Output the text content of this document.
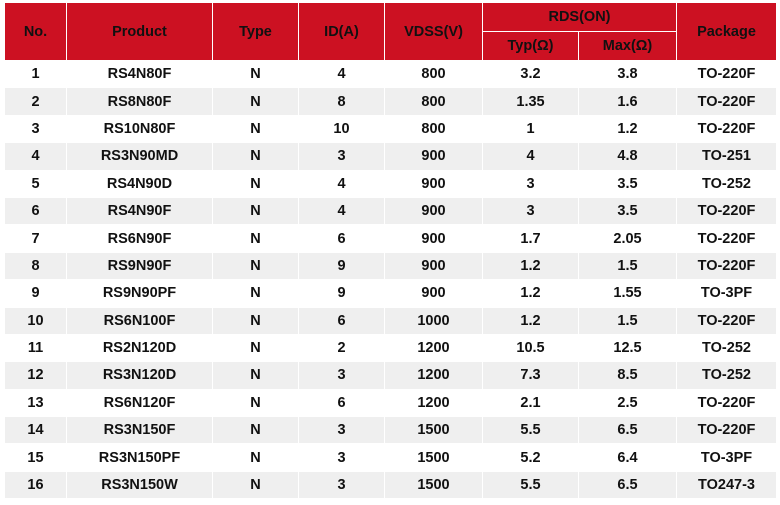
No.	Product	Type	ID(A)	VDSS(V)	RDS(ON)		Package
					Typ(Ω)	Max(Ω)	
1	RS4N80F	N	4	800	3.2	3.8	TO-220F
2	RS8N80F	N	8	800	1.35	1.6	TO-220F
3	RS10N80F	N	10	800	1	1.2	TO-220F
4	RS3N90MD	N	3	900	4	4.8	TO-251
5	RS4N90D	N	4	900	3	3.5	TO-252
6	RS4N90F	N	4	900	3	3.5	TO-220F
7	RS6N90F	N	6	900	1.7	2.05	TO-220F
8	RS9N90F	N	9	900	1.2	1.5	TO-220F
9	RS9N90PF	N	9	900	1.2	1.55	TO-3PF
10	RS6N100F	N	6	1000	1.2	1.5	TO-220F
11	RS2N120D	N	2	1200	10.5	12.5	TO-252
12	RS3N120D	N	3	1200	7.3	8.5	TO-252
13	RS6N120F	N	6	1200	2.1	2.5	TO-220F
14	RS3N150F	N	3	1500	5.5	6.5	TO-220F
15	RS3N150PF	N	3	1500	5.2	6.4	TO-3PF
16	RS3N150W	N	3	1500	5.5	6.5	TO247-3
